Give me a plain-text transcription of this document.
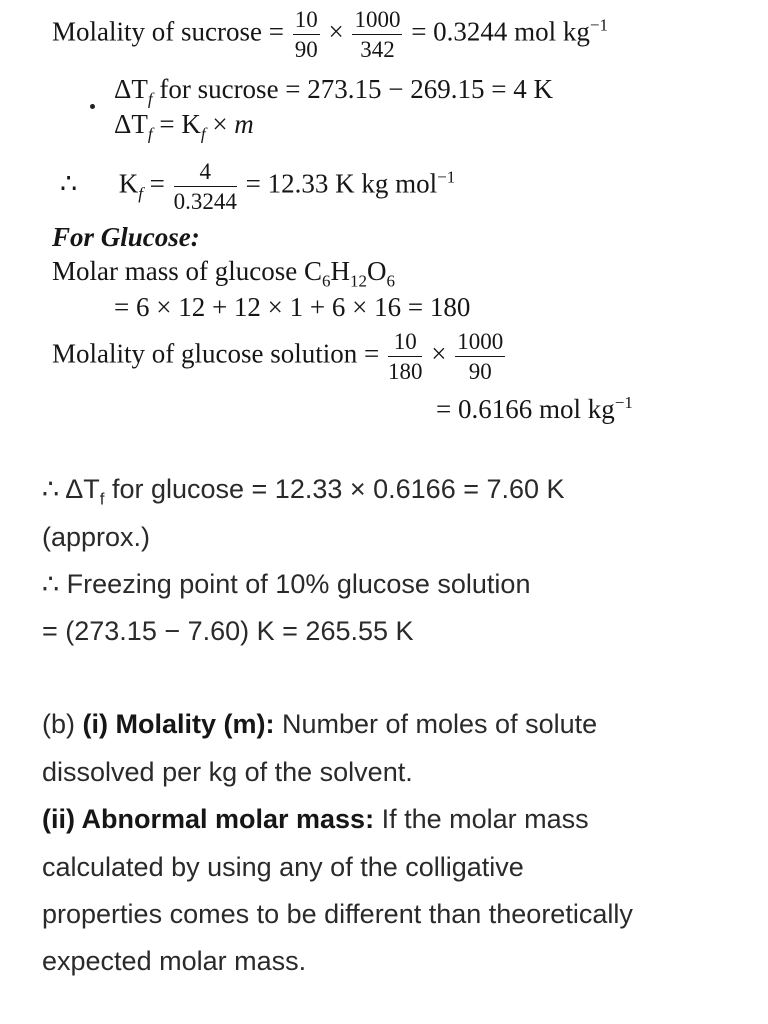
Molality of sucrose = $\frac{10}{90} \times \frac{1000}{342} = 0.3244$ mol $kg^{-1}$
$\Delta T_f$ for sucrose = 273.15 − 269.15 = 4 K
$\Delta T_f = K_f \times m$
∴ $K_f = \frac{4}{0.3244} = 12.33$ K kg mol$^{-1}$
For Glucose:
Molar mass of glucose $C_6H_{12}O_6$
= 6 × 12 + 12 × 1 + 6 × 16 = 180
Molality of glucose solution = $\frac{10}{180} \times \frac{1000}{90}$
= 0.6166 mol $kg^{-1}$
∴ $\Delta T_f$ for glucose = 12.33 × 0.6166 = 7.60 K
(approx.)
∴ Freezing point of 10% glucose solution
= (273.15 − 7.60) K = 265.55 K
(b) (i) Molality (m): Number of moles of solute
dissolved per kg of the solvent.
(ii) Abnormal molar mass: If the molar mass
calculated by using any of the colligative
properties comes to be different than theoretically
expected molar mass.
